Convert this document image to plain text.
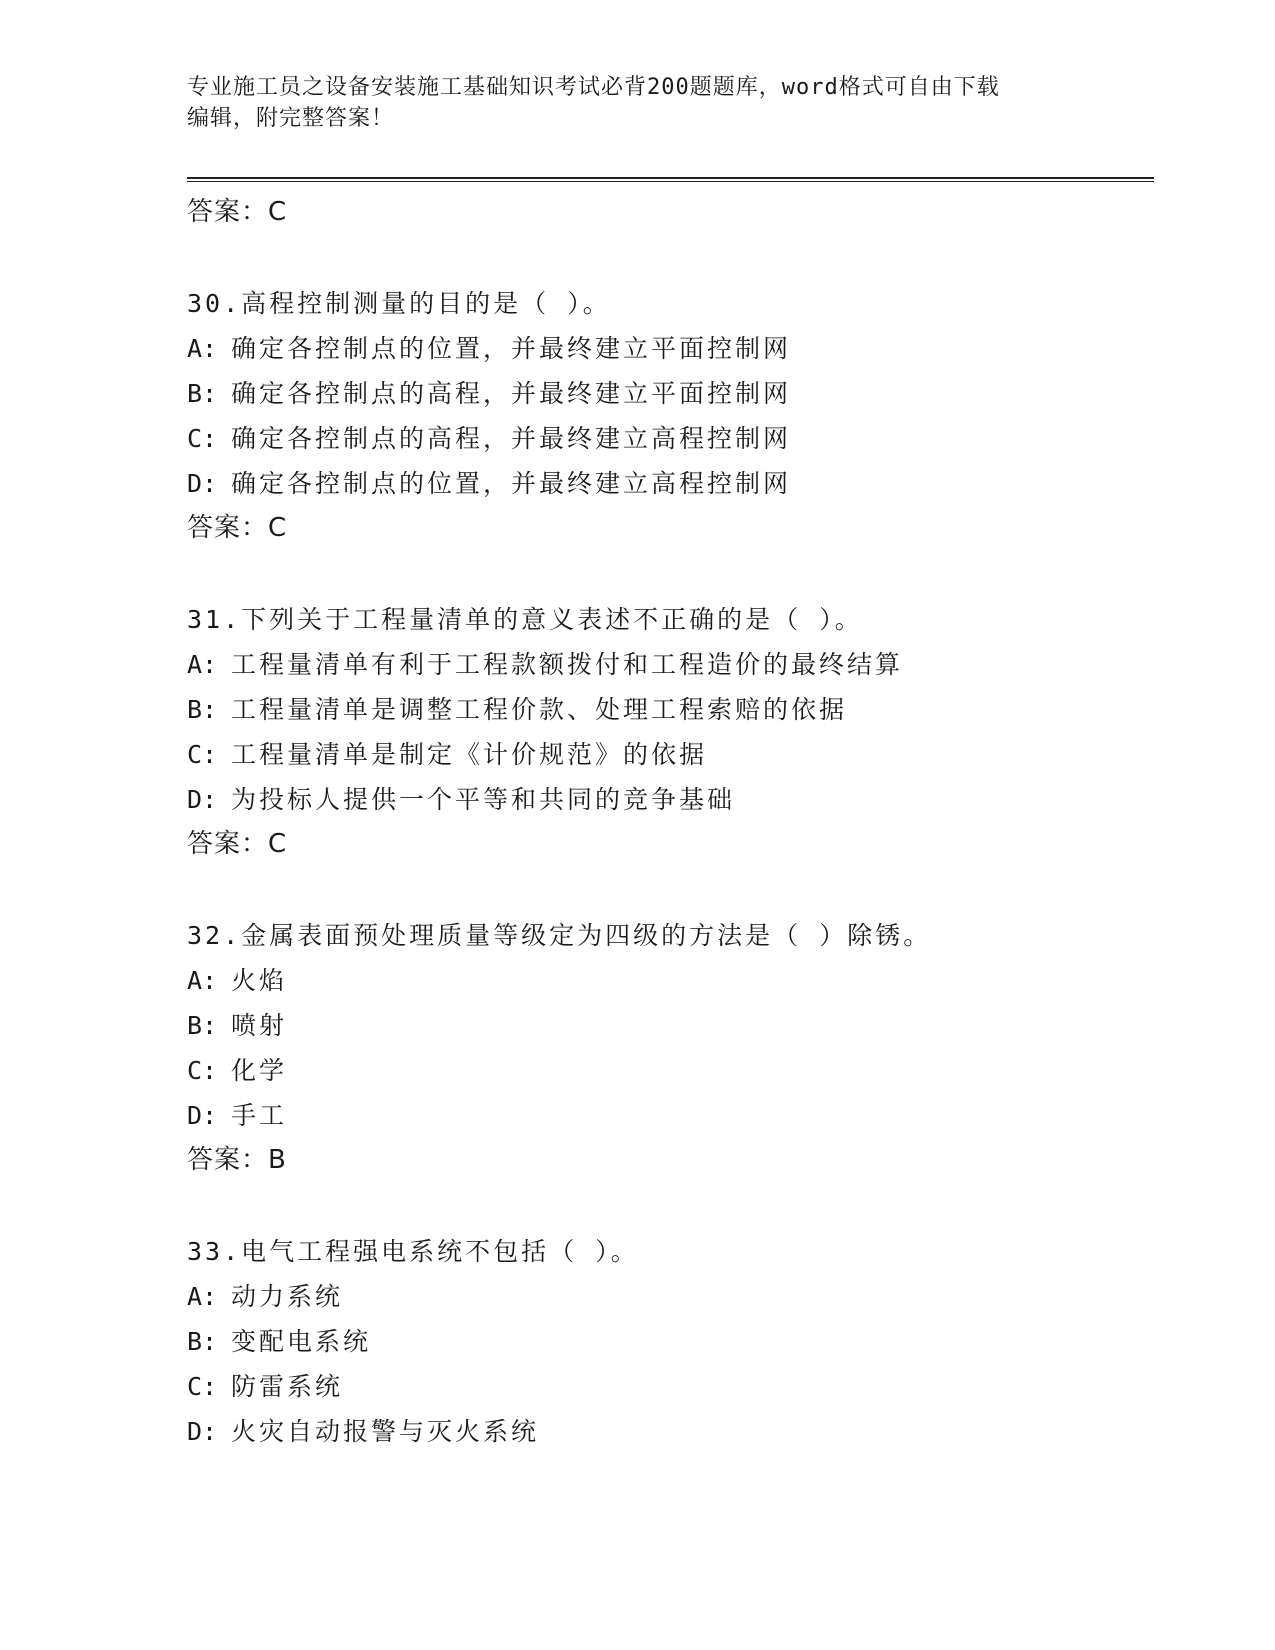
专业施工员之设备安装施工基础知识考试必背200题题库，word格式可自由下载
编辑，附完整答案！
答案：C
30.高程控制测量的目的是（ ）。
A: 确定各控制点的位置，并最终建立平面控制网
B: 确定各控制点的高程，并最终建立平面控制网
C: 确定各控制点的高程，并最终建立高程控制网
D: 确定各控制点的位置，并最终建立高程控制网
答案：C
31.下列关于工程量清单的意义表述不正确的是（ ）。
A: 工程量清单有利于工程款额拨付和工程造价的最终结算
B: 工程量清单是调整工程价款、处理工程索赔的依据
C: 工程量清单是制定《计价规范》的依据
D: 为投标人提供一个平等和共同的竞争基础
答案：C
32.金属表面预处理质量等级定为四级的方法是（ ）除锈。
A: 火焰
B: 喷射
C: 化学
D: 手工
答案：B
33.电气工程强电系统不包括（ ）。
A: 动力系统
B: 变配电系统
C: 防雷系统
D: 火灾自动报警与灭火系统
